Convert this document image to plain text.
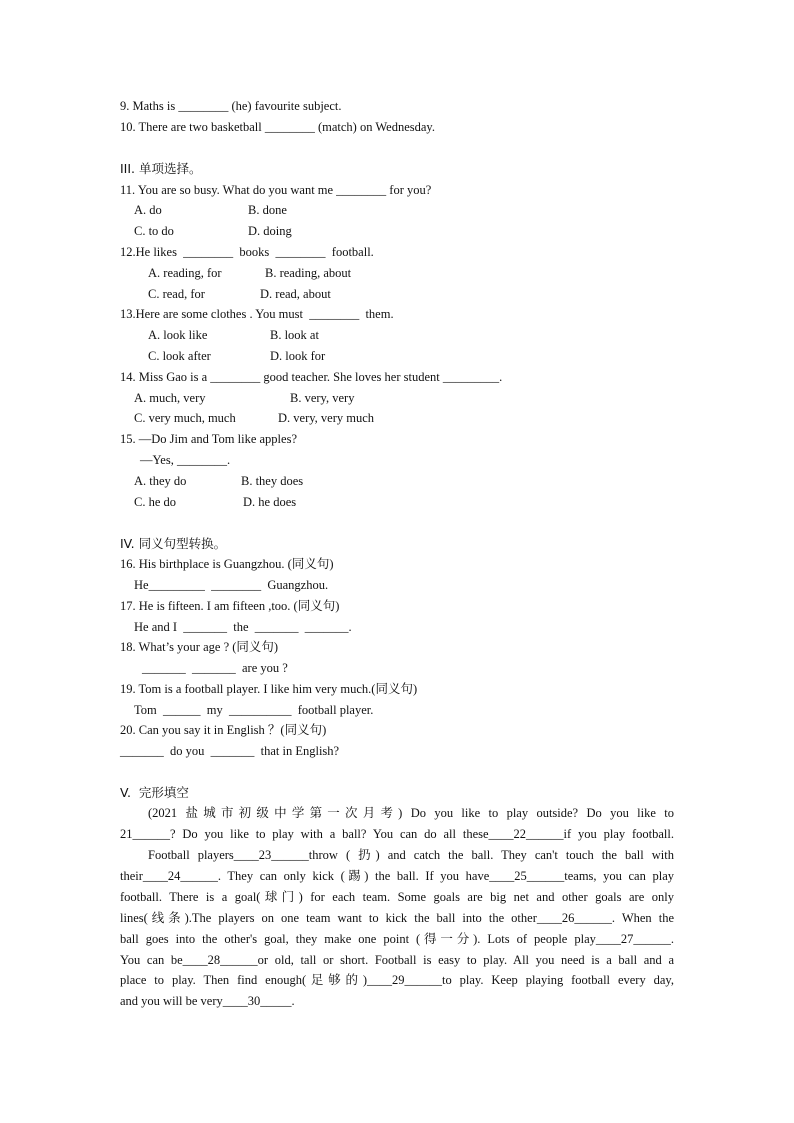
9. Maths is ________ (he) favourite subject.
10. There are two basketball ________ (match) on Wednesday.
III. 单项选择。
11. You are so busy. What do you want me ________ for you?
A. do	B. done
C. to do	D. doing
12.He likes  ________  books  ________  football.
A. reading, for	B. reading, about
C. read, for	D. read, about
13.Here are some clothes . You must  ________  them.
A. look like	B. look at
C. look after	D. look for
14. Miss Gao is a ________ good teacher. She loves her student _________.
A. much, very	B. very, very
C. very much, much	D. very, very much
15. —Do Jim and Tom like apples?
—Yes, ________.
A. they do	B. they does
C. he do	D. he does
IV. 同义句型转换。
16. His birthplace is Guangzhou. (同义句)
He_________  ________  Guangzhou.
17. He is fifteen. I am fifteen ,too. (同义句)
He and I  _______  the  _______  _______.
18. What’s your age ? (同义句)
_______  _______  are you ?
19. Tom is a football player. I like him very much.(同义句)
Tom  ______  my  __________  football player.
20. Can you say it in English ？(同义句)
_______  do you  _______  that in English?
V.  完形填空
(2021 盐城市初级中学第一次月考) Do you like to play outside? Do you like to
21______? Do you like to play with a ball? You can do all these____22______if you play football.
Football players____23______throw ( 扔) and catch the ball. They can't touch the ball with
their____24______. They can only kick (踢) the ball. If you have____25______teams, you can play
football. There is a goal(球门) for each team. Some goals are big net and other goals are only
lines(线条).The players on one team want to kick the ball into the other____26______. When the
ball goes into the other's goal, they make one point (得一分). Lots of people play____27______.
You can be____28______or old, tall or short. Football is easy to play. All you need is a ball and a
place to play. Then find enough(足够的)____29______to play. Keep playing football every day,
and you will be very____30_____.
